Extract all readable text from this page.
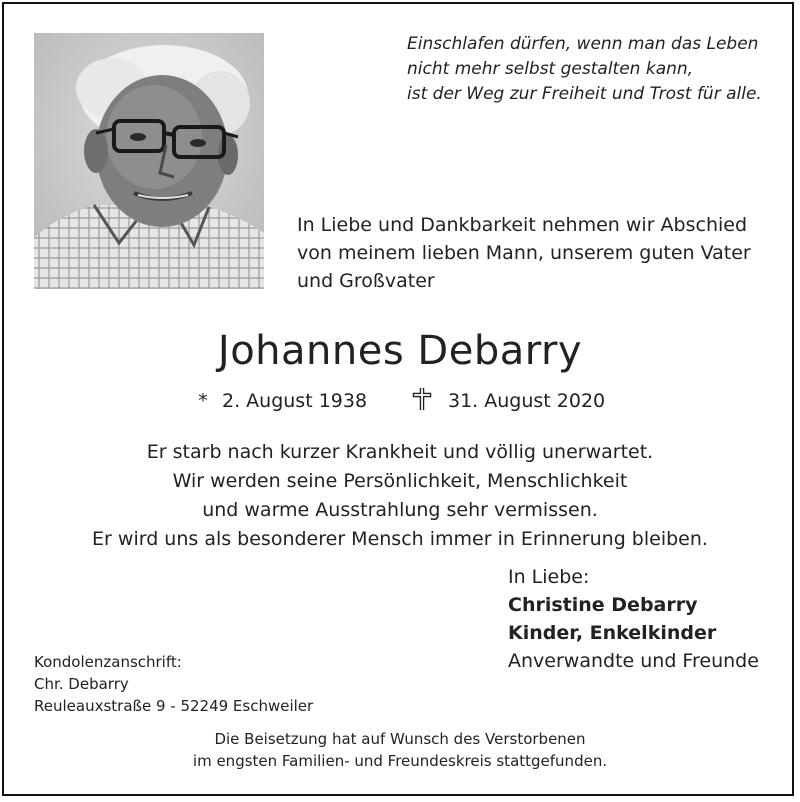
Einschlafen dürfen, wenn man das Leben
nicht mehr selbst gestalten kann,
ist der Weg zur Freiheit und Trost für alle.
In Liebe und Dankbarkeit nehmen wir Abschied
von meinem lieben Mann, unserem guten Vater
und Großvater
Johannes Debarry
* 2. August 1938	31. August 2020
Er starb nach kurzer Krankheit und völlig unerwartet.
Wir werden seine Persönlichkeit, Menschlichkeit
und warme Ausstrahlung sehr vermissen.
Er wird uns als besonderer Mensch immer in Erinnerung bleiben.
In Liebe:
Christine Debarry
Kinder, Enkelkinder
Anverwandte und Freunde
Kondolenzanschrift:
Chr. Debarry
Reuleauxstraße 9 - 52249 Eschweiler
Die Beisetzung hat auf Wunsch des Verstorbenen
im engsten Familien- und Freundeskreis stattgefunden.
